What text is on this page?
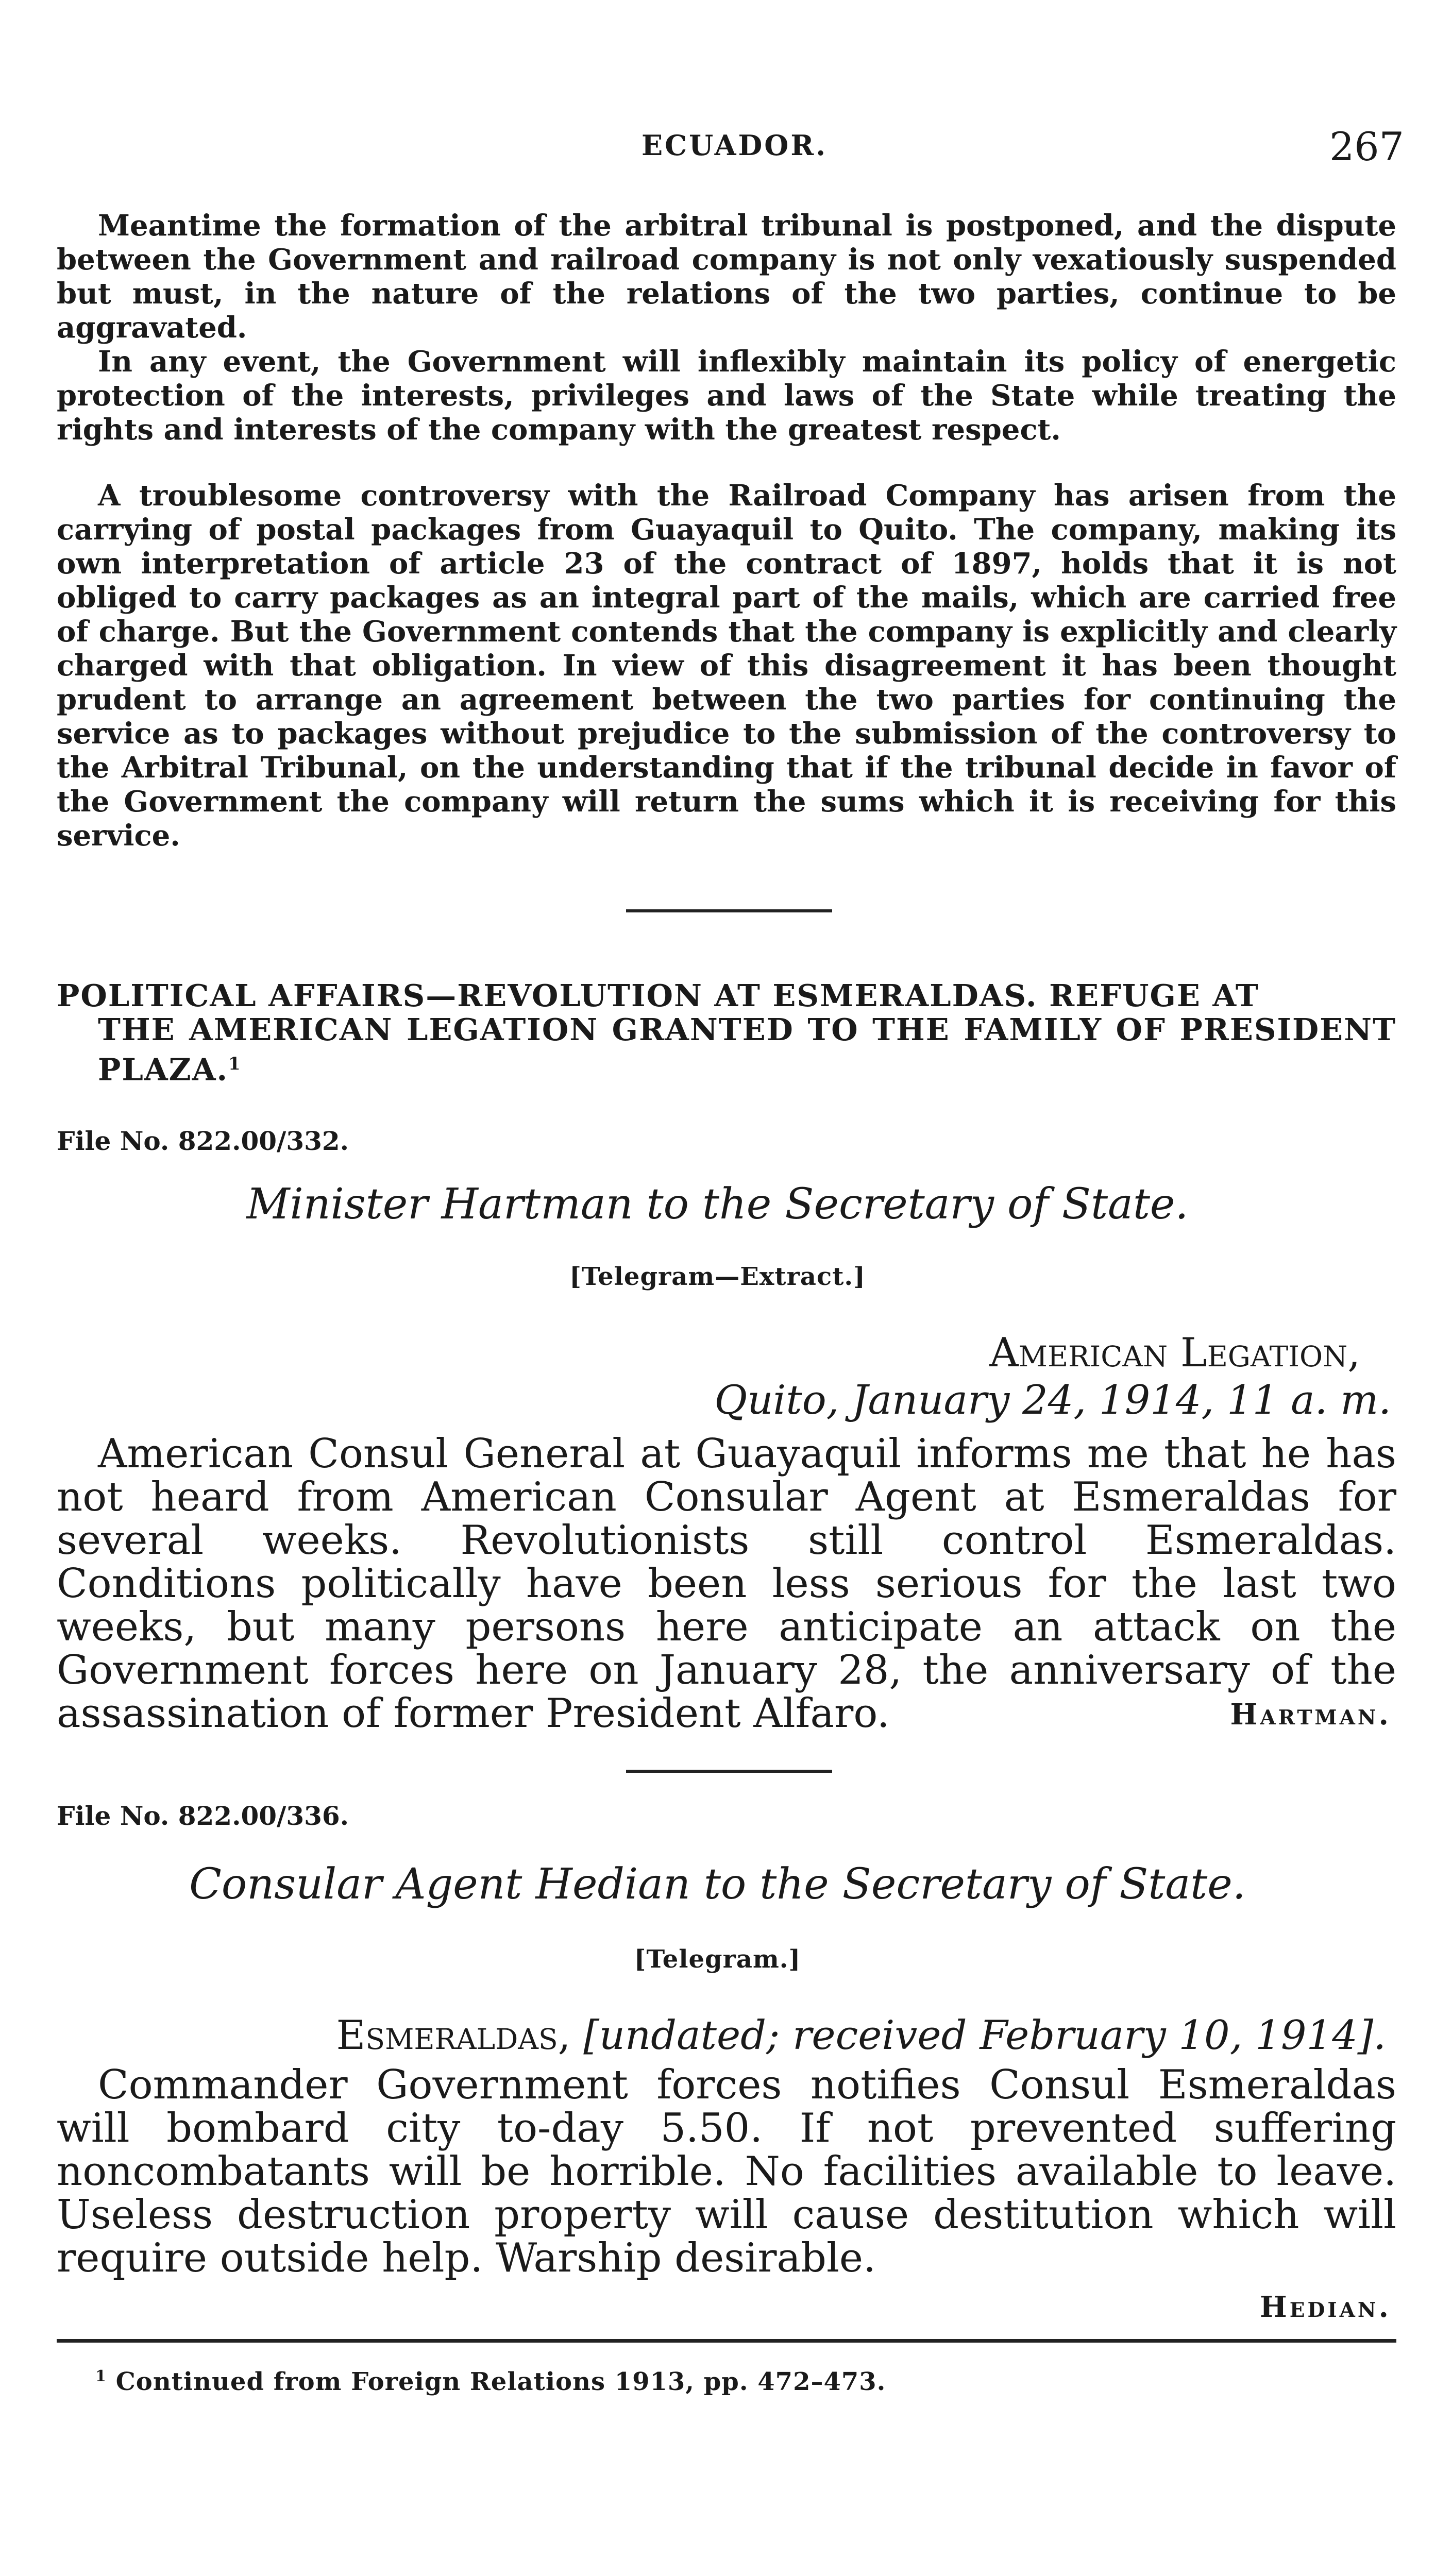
ECUADOR.	267

Meantime the formation of the arbitral tribunal is postponed, and the dispute between the Government and railroad company is not only vexatiously suspended but must, in the nature of the relations of the two parties, continue to be aggravated.

In any event, the Government will inflexibly maintain its policy of energetic protection of the interests, privileges and laws of the State while treating the rights and interests of the company with the greatest respect.

A troublesome controversy with the Railroad Company has arisen from the carrying of postal packages from Guayaquil to Quito. The company, making its own interpretation of article 23 of the contract of 1897, holds that it is not obliged to carry packages as an integral part of the mails, which are carried free of charge. But the Government contends that the company is explicitly and clearly charged with that obligation. In view of this disagreement it has been thought prudent to arrange an agreement between the two parties for continuing the service as to packages without prejudice to the submission of the controversy to the Arbitral Tribunal, on the understanding that if the tribunal decide in favor of the Government the company will return the sums which it is receiving for this service.

POLITICAL AFFAIRS—REVOLUTION AT ESMERALDAS. REFUGE AT
THE AMERICAN LEGATION GRANTED TO THE FAMILY OF PRESIDENT PLAZA.$^1$
File No. 822.00/332.
Minister Hartman to the Secretary of State.
[Telegram—Extract.]
American Legation,
Quito, January 24, 1914, 11 a. m.

American Consul General at Guayaquil informs me that he has not heard from American Consular Agent at Esmeraldas for several weeks. Revolutionists still control Esmeraldas. Conditions politically have been less serious for the last two weeks, but many persons here anticipate an attack on the Government forces here on January 28, the anniversary of the assassination of former President Alfaro.	Hartman.
File No. 822.00/336.
Consular Agent Hedian to the Secretary of State.
[Telegram.]
Esmeraldas, [undated; received February 10, 1914].

Commander Government forces notifies Consul Esmeraldas will bombard city to-day 5.50. If not prevented suffering noncombatants will be horrible. No facilities available to leave. Useless destruction property will cause destitution which will require outside help. Warship desirable.

Hedian.
$^1$ Continued from Foreign Relations 1913, pp. 472–473.
